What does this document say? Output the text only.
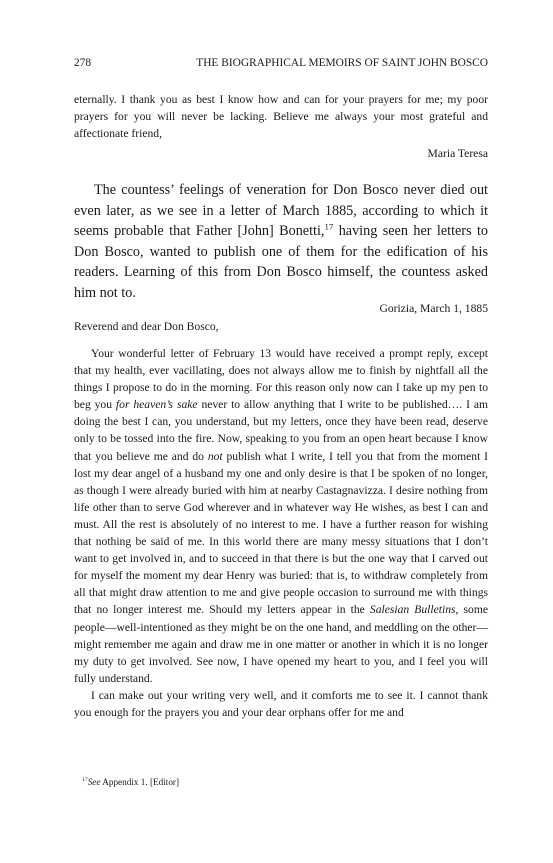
278	THE BIOGRAPHICAL MEMOIRS OF SAINT JOHN BOSCO

eternally. I thank you as best I know how and can for your prayers for me; my poor prayers for you will never be lacking. Believe me always your most grateful and affectionate friend,

Maria Teresa

The countess’ feelings of veneration for Don Bosco never died out even later, as we see in a letter of March 1885, according to which it seems probable that Father [John] Bonetti,$^{17}$ having seen her letters to Don Bosco, wanted to publish one of them for the edification of his readers. Learning of this from Don Bosco himself, the countess asked him not to.

Gorizia, March 1, 1885
Reverend and dear Don Bosco,

Your wonderful letter of February 13 would have received a prompt reply, except that my health, ever vacillating, does not always allow me to finish by nightfall all the things I propose to do in the morning. For this reason only now can I take up my pen to beg you for heaven’s sake never to allow anything that I write to be published…. I am doing the best I can, you understand, but my letters, once they have been read, deserve only to be tossed into the fire. Now, speaking to you from an open heart because I know that you believe me and do not publish what I write, I tell you that from the moment I lost my dear angel of a husband my one and only desire is that I be spoken of no longer, as though I were already buried with him at nearby Castagnavizza. I desire nothing from life other than to serve God wherever and in whatever way He wishes, as best I can and must. All the rest is absolutely of no interest to me. I have a further reason for wishing that nothing be said of me. In this world there are many messy situations that I don’t want to get involved in, and to succeed in that there is but the one way that I carved out for myself the moment my dear Henry was buried: that is, to withdraw completely from all that might draw attention to me and give people occasion to surround me with things that no longer interest me. Should my letters appear in the Salesian Bulletins, some people—well-intentioned as they might be on the one hand, and meddling on the other—might remember me again and draw me in one matter or another in which it is no longer my duty to get involved. See now, I have opened my heart to you, and I feel you will fully understand.

I can make out your writing very well, and it comforts me to see it. I cannot thank you enough for the prayers you and your dear orphans offer for me and

$^{17}$See Appendix 1. [Editor]
